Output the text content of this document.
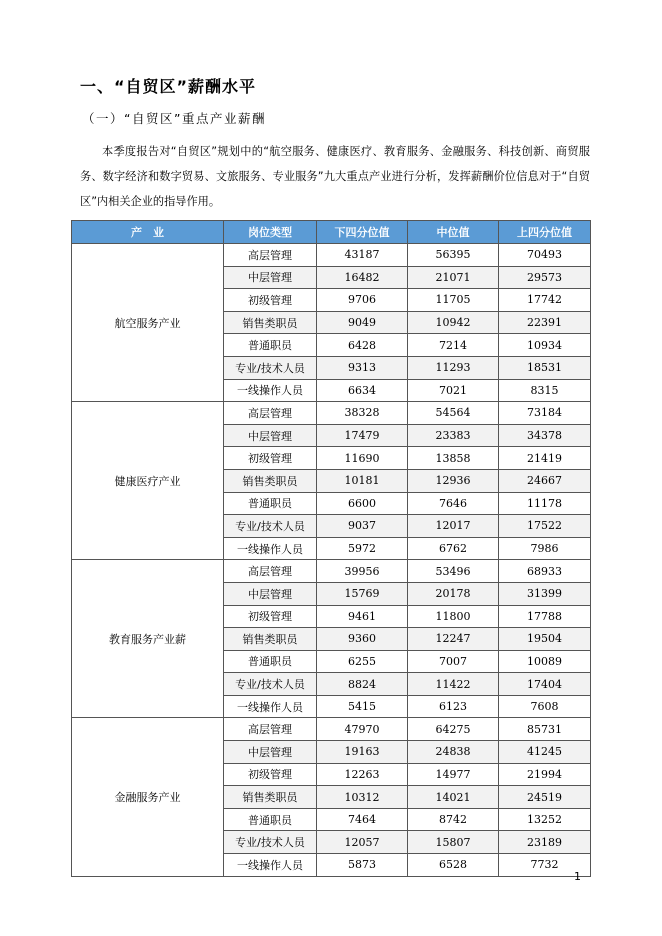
一、“自贸区”薪酬水平
（一）“自贸区”重点产业薪酬
本季度报告对“自贸区”规划中的“航空服务、健康医疗、教育服务、金融服务、科技创新、商贸服务、数字经济和数字贸易、文旅服务、专业服务”九大重点产业进行分析，发挥薪酬价位信息对于“自贸区”内相关企业的指导作用。
产　业	岗位类型	下四分位值	中位值	上四分位值
航空服务产业	高层管理	43187	56395	70493
	中层管理	16482	21071	29573
	初级管理	9706	11705	17742
	销售类职员	9049	10942	22391
	普通职员	6428	7214	10934
	专业/技术人员	9313	11293	18531
	一线操作人员	6634	7021	8315
健康医疗产业	高层管理	38328	54564	73184
	中层管理	17479	23383	34378
	初级管理	11690	13858	21419
	销售类职员	10181	12936	24667
	普通职员	6600	7646	11178
	专业/技术人员	9037	12017	17522
	一线操作人员	5972	6762	7986
教育服务产业薪	高层管理	39956	53496	68933
	中层管理	15769	20178	31399
	初级管理	9461	11800	17788
	销售类职员	9360	12247	19504
	普通职员	6255	7007	10089
	专业/技术人员	8824	11422	17404
	一线操作人员	5415	6123	7608
金融服务产业	高层管理	47970	64275	85731
	中层管理	19163	24838	41245
	初级管理	12263	14977	21994
	销售类职员	10312	14021	24519
	普通职员	7464	8742	13252
	专业/技术人员	12057	15807	23189
	一线操作人员	5873	6528	7732
1
